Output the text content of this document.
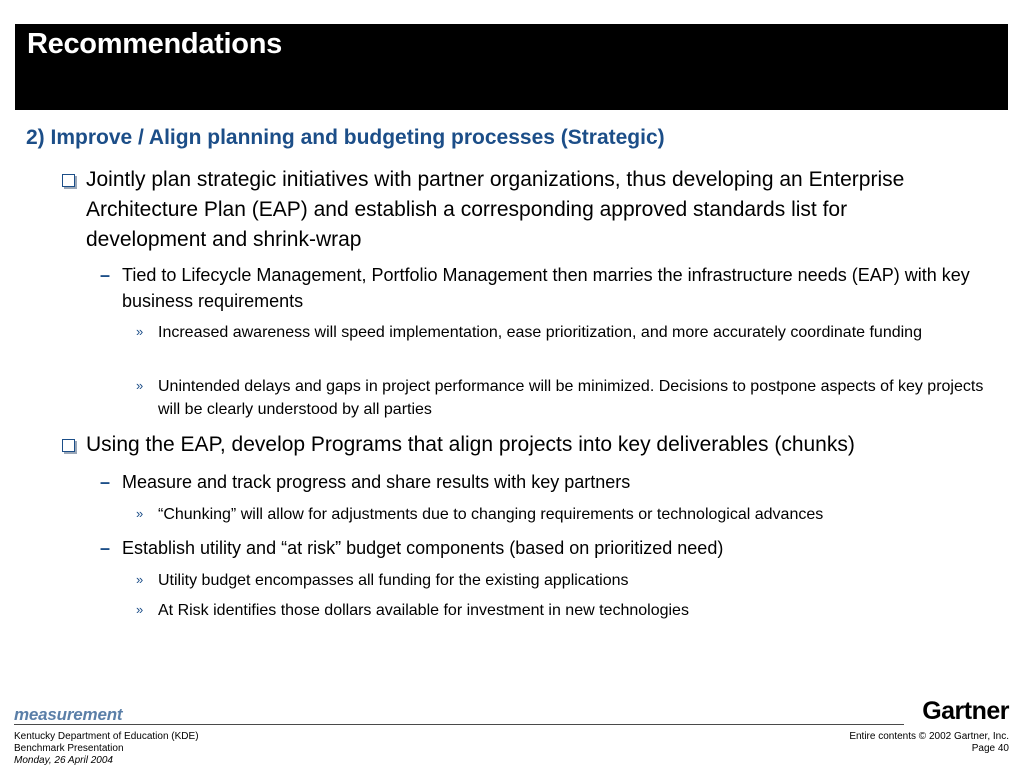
Recommendations
2) Improve / Align planning and budgeting processes (Strategic)
Jointly plan strategic initiatives with partner organizations, thus developing an Enterprise Architecture Plan (EAP) and establish a corresponding approved standards list for development and shrink-wrap
– Tied to Lifecycle Management, Portfolio Management then marries the infrastructure needs (EAP) with key business requirements
» Increased awareness will speed implementation, ease prioritization, and more accurately coordinate funding
» Unintended delays and gaps in project performance will be minimized. Decisions to postpone aspects of key projects will be clearly understood by all parties
Using the EAP, develop Programs that align projects into key deliverables (chunks)
– Measure and track progress and share results with key partners
» “Chunking” will allow for adjustments due to changing requirements or technological advances
– Establish utility and “at risk” budget components (based on prioritized need)
» Utility budget encompasses all funding for the existing applications
» At Risk identifies those dollars available for investment in new technologies
measurement	Gartner
Kentucky Department of Education (KDE)
Benchmark Presentation
Monday, 26 April 2004
Entire contents © 2002 Gartner, Inc.
Page 40
